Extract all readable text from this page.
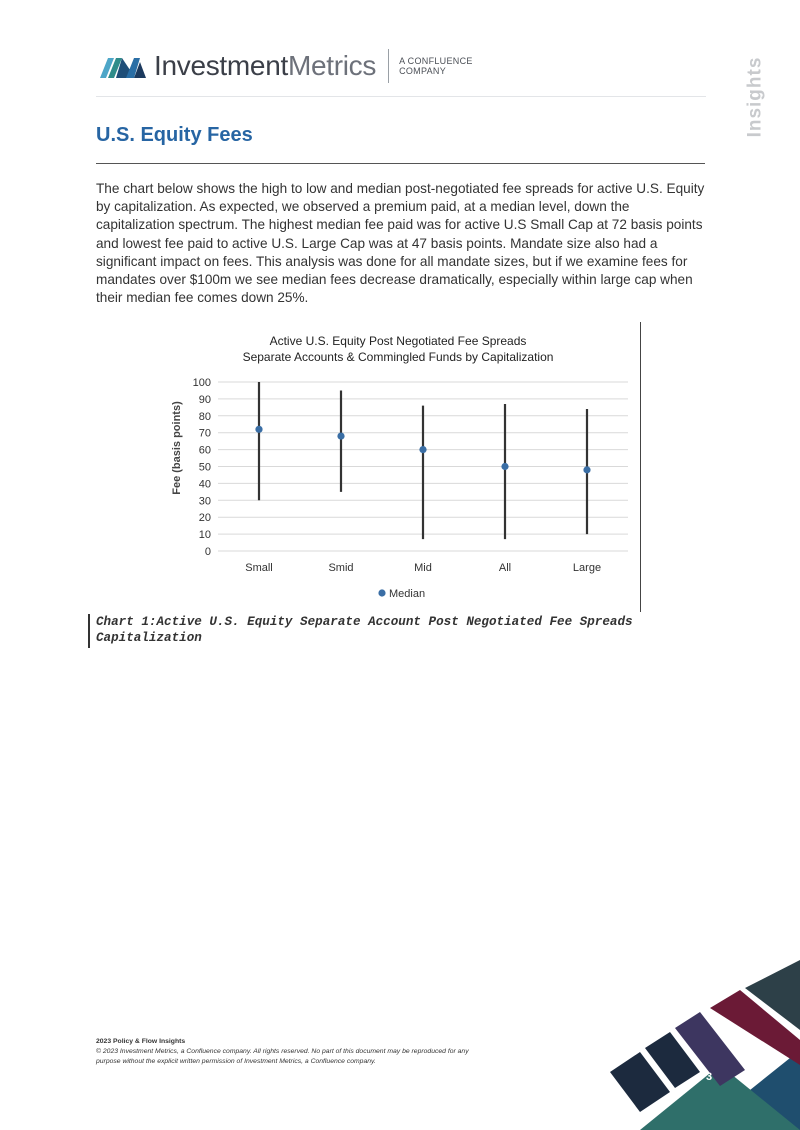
InvestmentMetrics	A CONFLUENCE
COMPANY	Insights
U.S. Equity Fees

The chart below shows the high to low and median post-negotiated fee spreads for active U.S. Equity by capitalization. As expected, we observed a premium paid, at a median level, down the capitalization spectrum. The highest median fee paid was for active U.S Small Cap at 72 basis points and lowest fee paid to active U.S. Large Cap was at 47 basis points. Mandate size also had a significant impact on fees. This analysis was done for all mandate sizes, but if we examine fees for mandates over $100m we see median fees decrease dramatically, especially within large cap when their median fee comes down 25%.

Active U.S. Equity Post Negotiated Fee Spreads
Separate Accounts & Commingled Funds by Capitalization
Fee (basis points)
0
10
20
30
40
50
60
70
80
90
100
Small	Smid	Mid	All	Large
Median
Chart 1:Active U.S. Equity Separate Account Post Negotiated Fee Spreads
Capitalization
2023 Policy & Flow Insights
© 2023 Investment Metrics, a Confluence company. All rights reserved. No part of this document may be reproduced for any
purpose without the explicit written permission of Investment Metrics, a Confluence company.
3
